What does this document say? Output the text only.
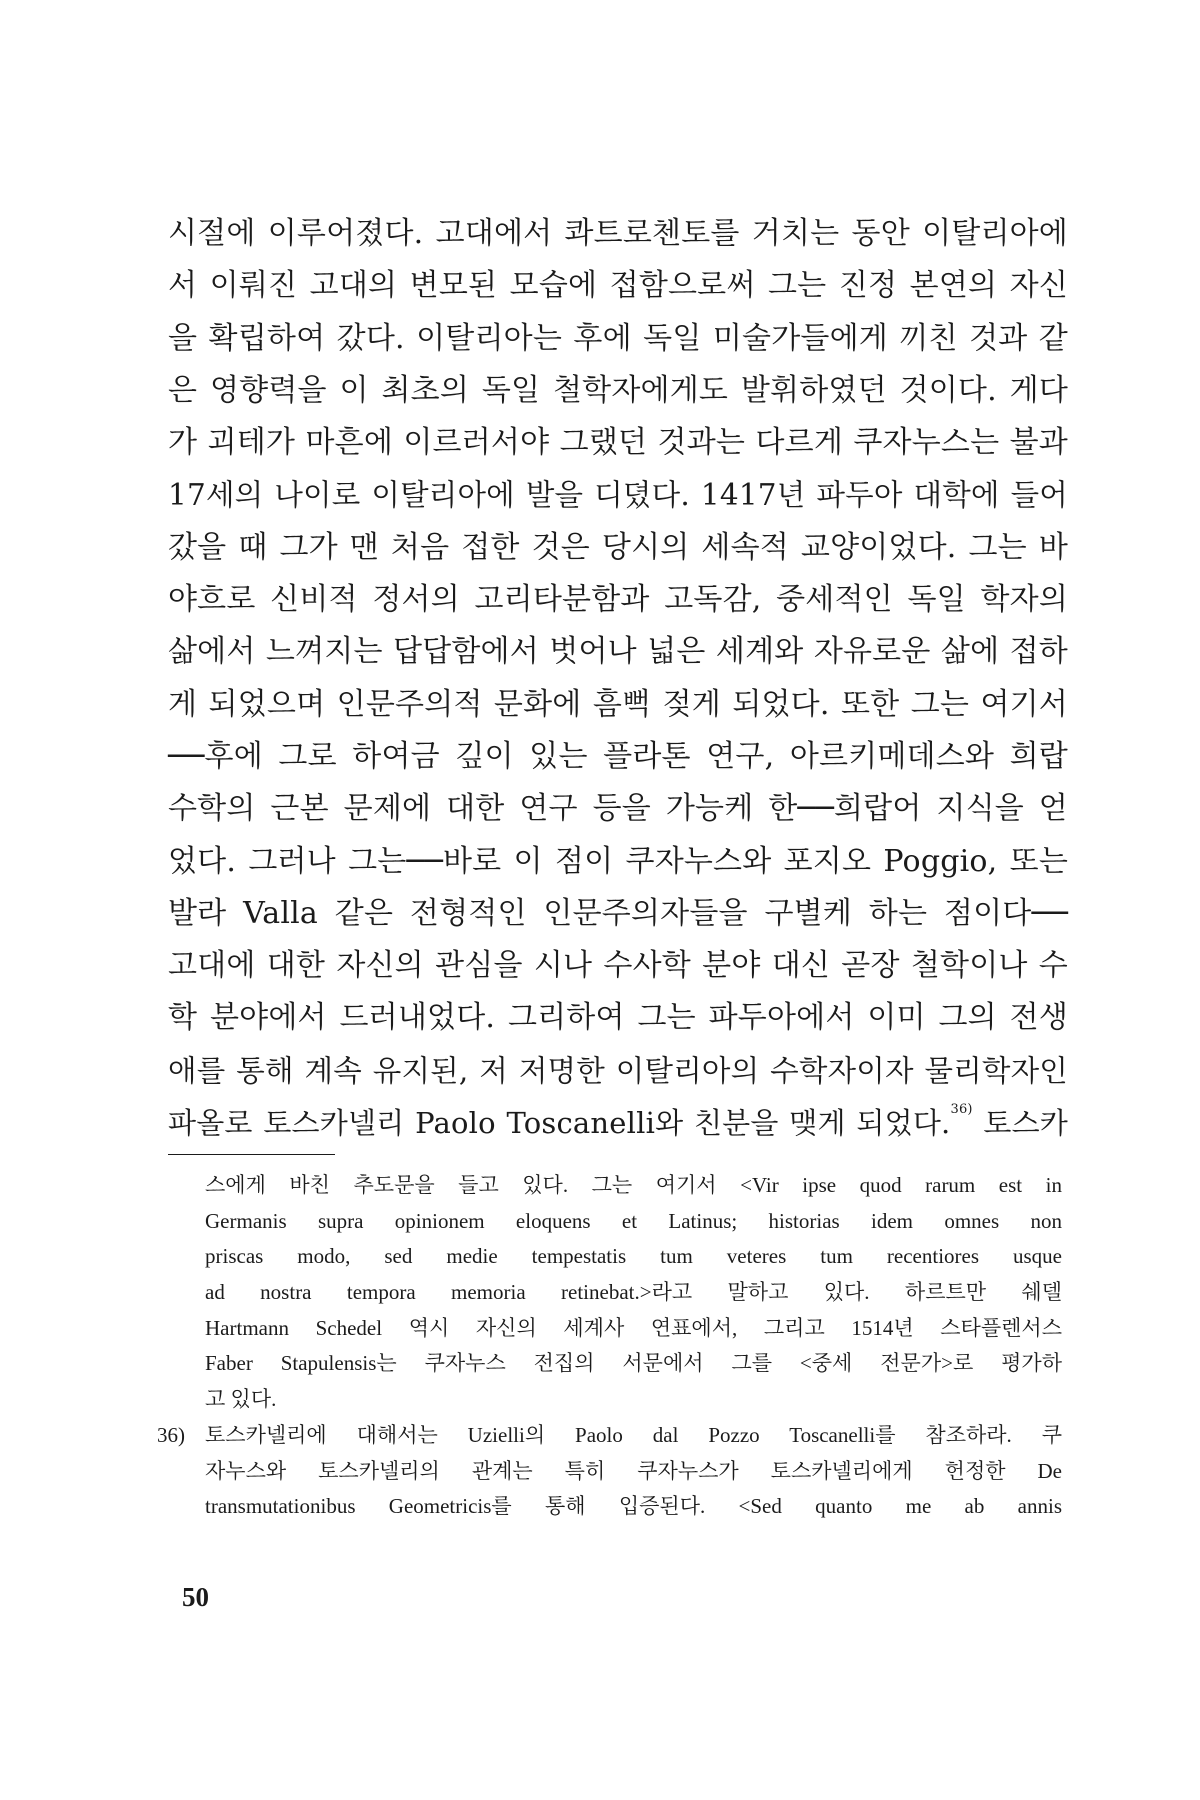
시절에 이루어졌다. 고대에서 콰트로첸토를 거치는 동안 이탈리아에
서 이뤄진 고대의 변모된 모습에 접함으로써 그는 진정 본연의 자신
을 확립하여 갔다. 이탈리아는 후에 독일 미술가들에게 끼친 것과 같
은 영향력을 이 최초의 독일 철학자에게도 발휘하였던 것이다. 게다
가 괴테가 마흔에 이르러서야 그랬던 것과는 다르게 쿠자누스는 불과
17세의 나이로 이탈리아에 발을 디뎠다. 1417년 파두아 대학에 들어
갔을 때 그가 맨 처음 접한 것은 당시의 세속적 교양이었다. 그는 바
야흐로 신비적 정서의 고리타분함과 고독감, 중세적인 독일 학자의
삶에서 느껴지는 답답함에서 벗어나 넓은 세계와 자유로운 삶에 접하
게 되었으며 인문주의적 문화에 흠뻑 젖게 되었다. 또한 그는 여기서
──후에 그로 하여금 깊이 있는 플라톤 연구, 아르키메데스와 희랍
수학의 근본 문제에 대한 연구 등을 가능케 한──희랍어 지식을 얻
었다. 그러나 그는──바로 이 점이 쿠자누스와 포지오 Poggio, 또는
발라 Valla 같은 전형적인 인문주의자들을 구별케 하는 점이다──
고대에 대한 자신의 관심을 시나 수사학 분야 대신 곧장 철학이나 수
학 분야에서 드러내었다. 그리하여 그는 파두아에서 이미 그의 전생
애를 통해 계속 유지된, 저 저명한 이탈리아의 수학자이자 물리학자인
파올로 토스카넬리 Paolo Toscanelli와 친분을 맺게 되었다.$^{36)}$ 토스카
스에게 바친 추도문을 들고 있다. 그는 여기서 <Vir ipse quod rarum est in
Germanis supra opinionem eloquens et Latinus; historias idem omnes non
priscas modo, sed medie tempestatis tum veteres tum recentiores usque
ad nostra tempora memoria retinebat.>라고 말하고 있다. 하르트만 쉐델
Hartmann Schedel 역시 자신의 세계사 연표에서, 그리고 1514년 스타플렌서스
Faber Stapulensis는 쿠자누스 전집의 서문에서 그를 <중세 전문가>로 평가하
고 있다.
36) 토스카넬리에 대해서는 Uzielli의 Paolo dal Pozzo Toscanelli를 참조하라. 쿠
자누스와 토스카넬리의 관계는 특히 쿠자누스가 토스카넬리에게 헌정한 De
transmutationibus Geometricis를 통해 입증된다. <Sed quanto me ab annis
50
